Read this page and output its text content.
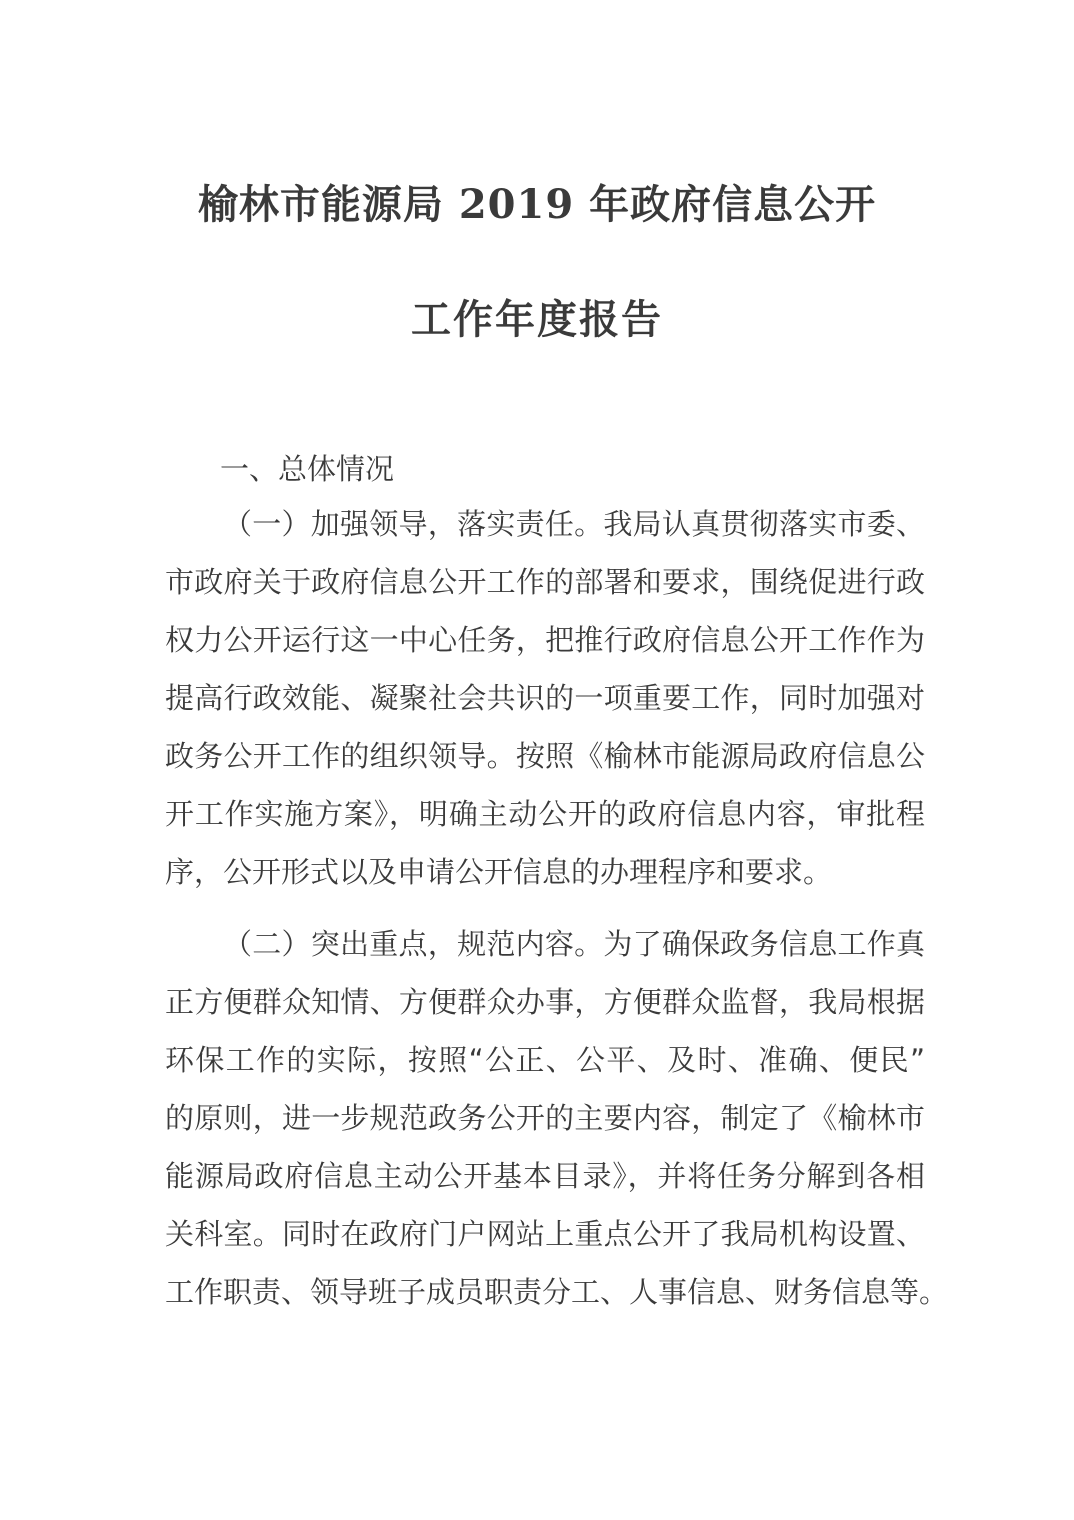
榆林市能源局 2019 年政府信息公开
工作年度报告
一、总体情况
（一）加强领导，落实责任。我局认真贯彻落实市委、
市政府关于政府信息公开工作的部署和要求，围绕促进行政
权力公开运行这一中心任务，把推行政府信息公开工作作为
提高行政效能、凝聚社会共识的一项重要工作，同时加强对
政务公开工作的组织领导。按照《榆林市能源局政府信息公
开工作实施方案》，明确主动公开的政府信息内容，审批程
序，公开形式以及申请公开信息的办理程序和要求。
（二）突出重点，规范内容。为了确保政务信息工作真
正方便群众知情、方便群众办事，方便群众监督，我局根据
环保工作的实际，按照“公正、公平、及时、准确、便民”
的原则，进一步规范政务公开的主要内容，制定了《榆林市
能源局政府信息主动公开基本目录》，并将任务分解到各相
关科室。同时在政府门户网站上重点公开了我局机构设置、
工作职责、领导班子成员职责分工、人事信息、财务信息等。
